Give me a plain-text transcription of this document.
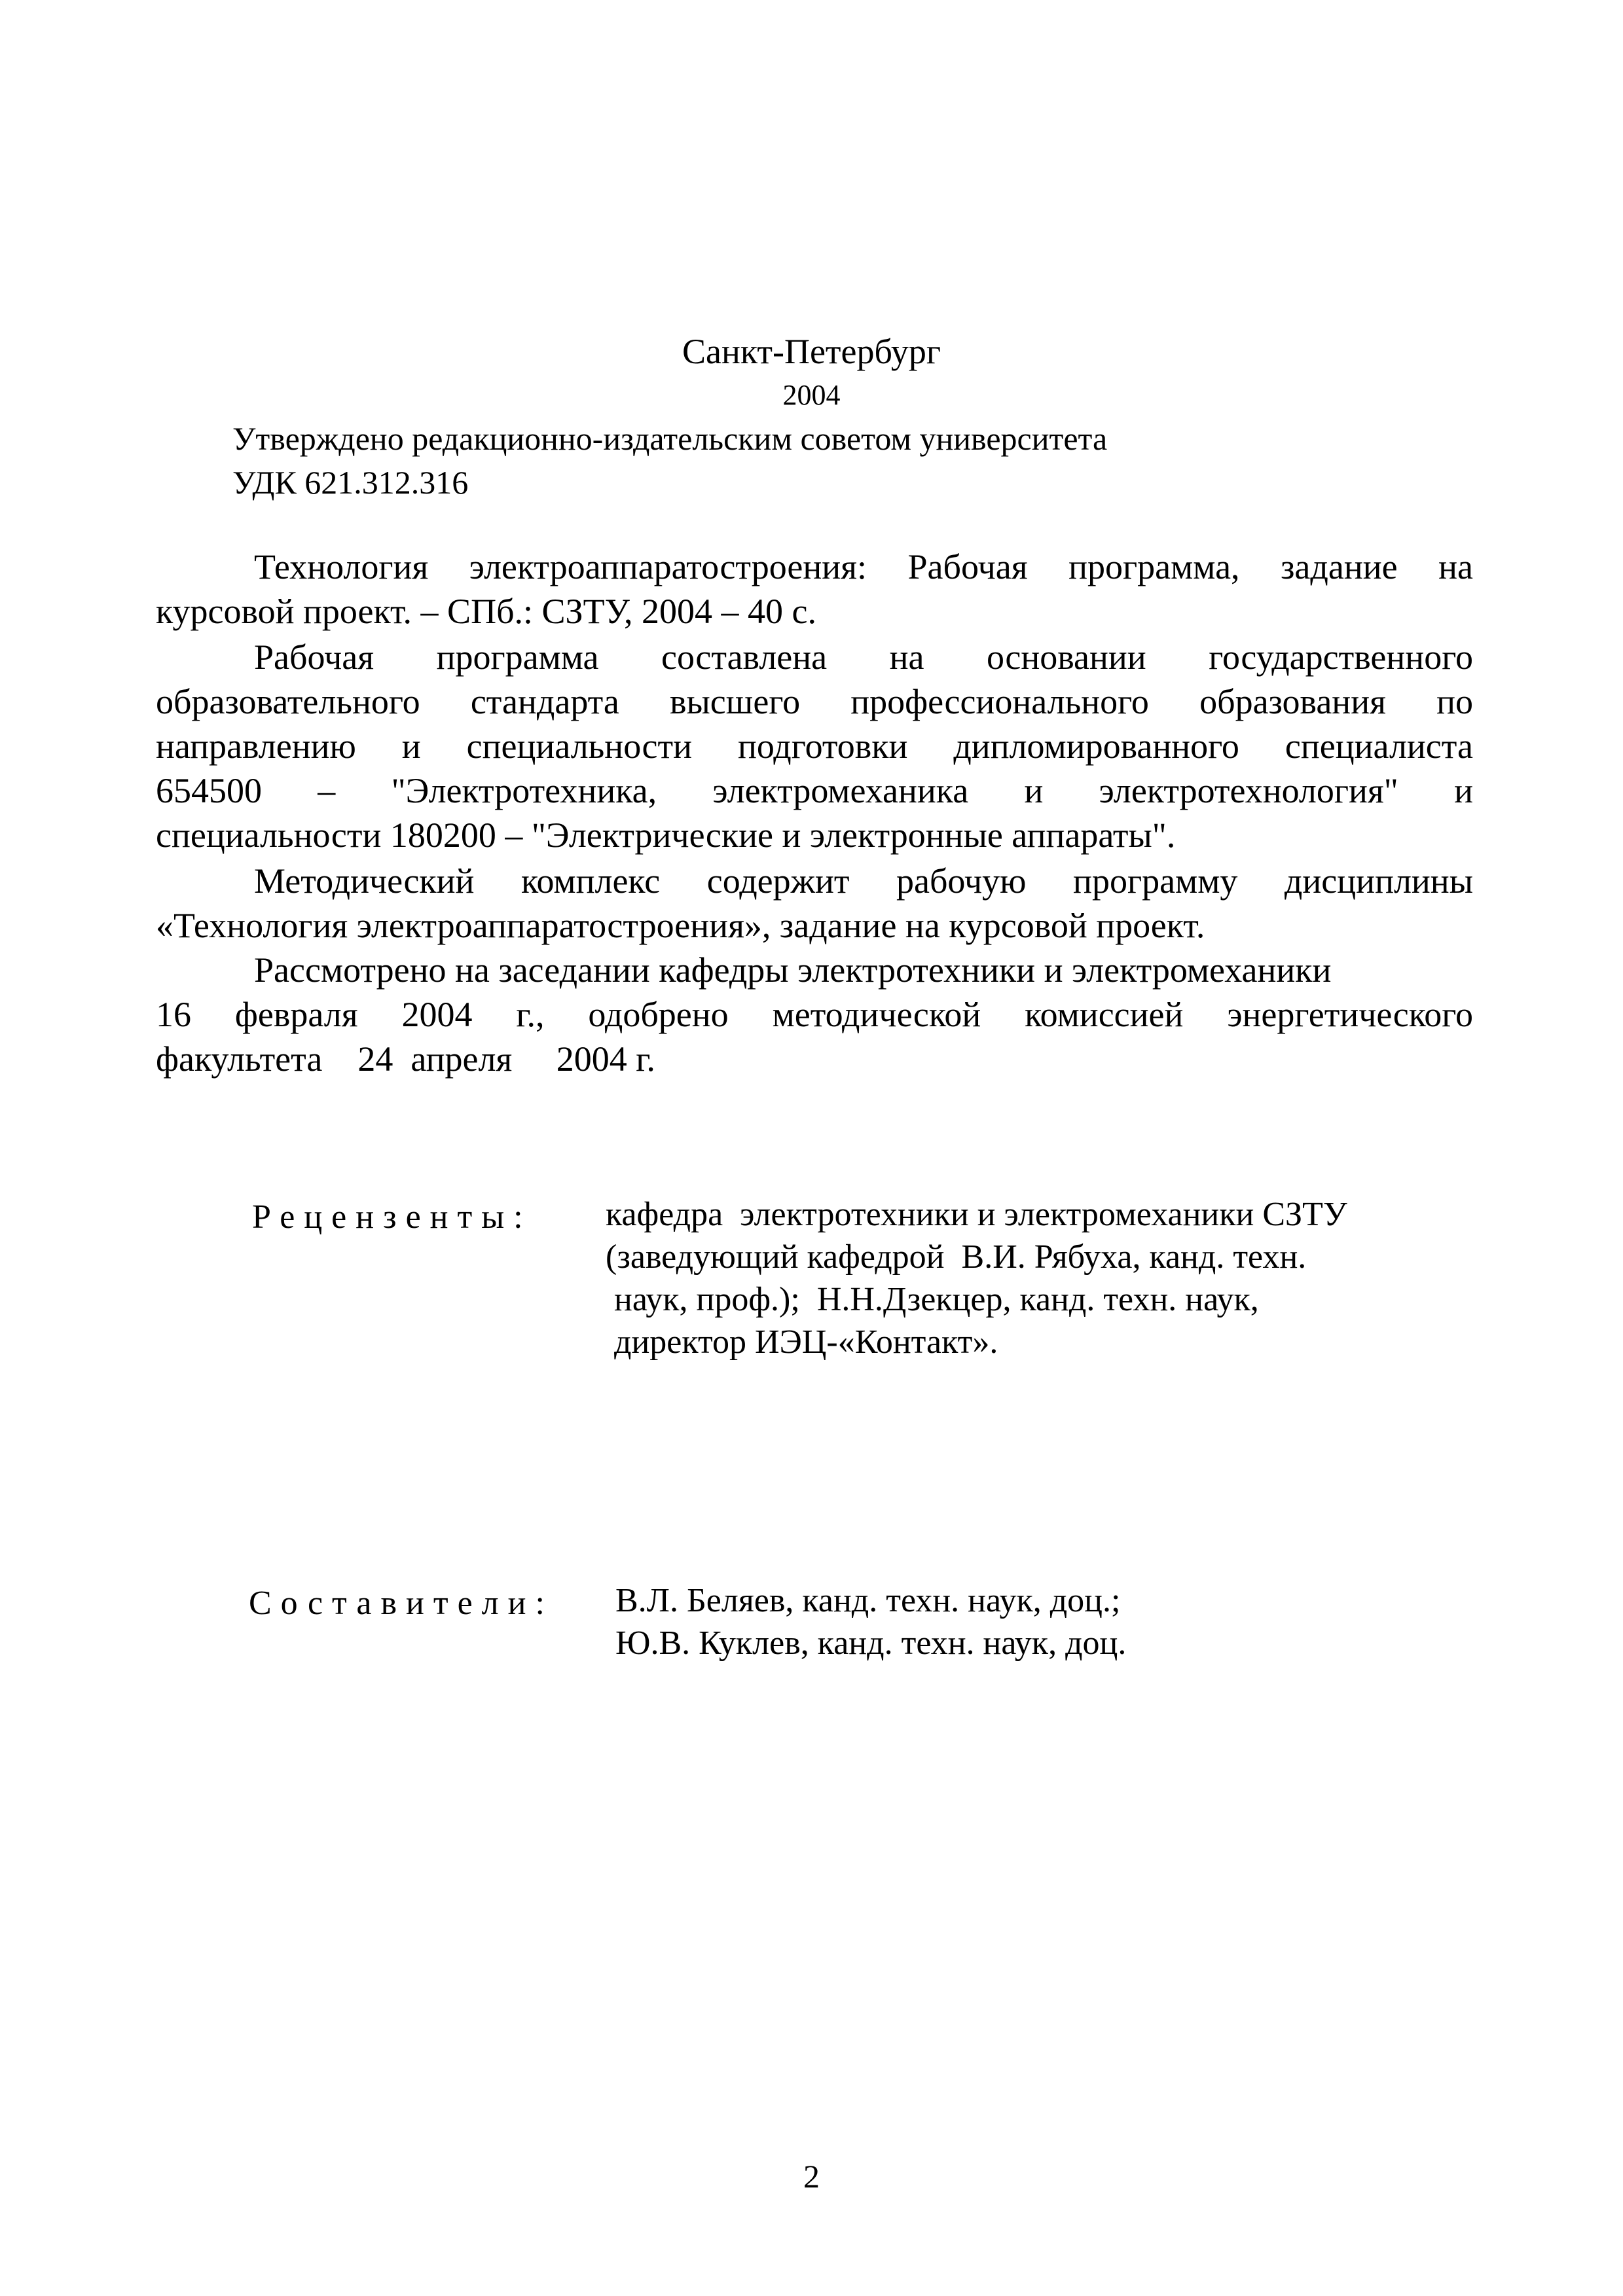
Санкт-Петербург
2004
Утверждено редакционно-издательским советом университета
УДК 621.312.316
Технология электроаппаратостроения: Рабочая программа, задание на
курсовой проект. – СПб.: СЗТУ, 2004 – 40 с.
Рабочая программа составлена на основании государственного
образовательного стандарта высшего профессионального образования по
направлению и специальности подготовки дипломированного специалиста
654500 – "Электротехника, электромеханика и электротехнология" и
специальности 180200 – "Электрические и электронные аппараты".
Методический комплекс содержит рабочую программу дисциплины
«Технология электроаппаратостроения», задание на курсовой проект.
Рассмотрено на заседании кафедры электротехники и электромеханики
16 февраля 2004 г., одобрено методической комиссией энергетического
факультета    24  апреля     2004 г.
Рецензенты: кафедра  электротехники и электромеханики СЗТУ
(заведующий кафедрой  В.И. Рябуха, канд. техн.
наук, проф.);  Н.Н.Дзекцер, канд. техн. наук,
директор ИЭЦ-«Контакт».
Составители: В.Л. Беляев, канд. техн. наук, доц.;
Ю.В. Куклев, канд. техн. наук, доц.
2
